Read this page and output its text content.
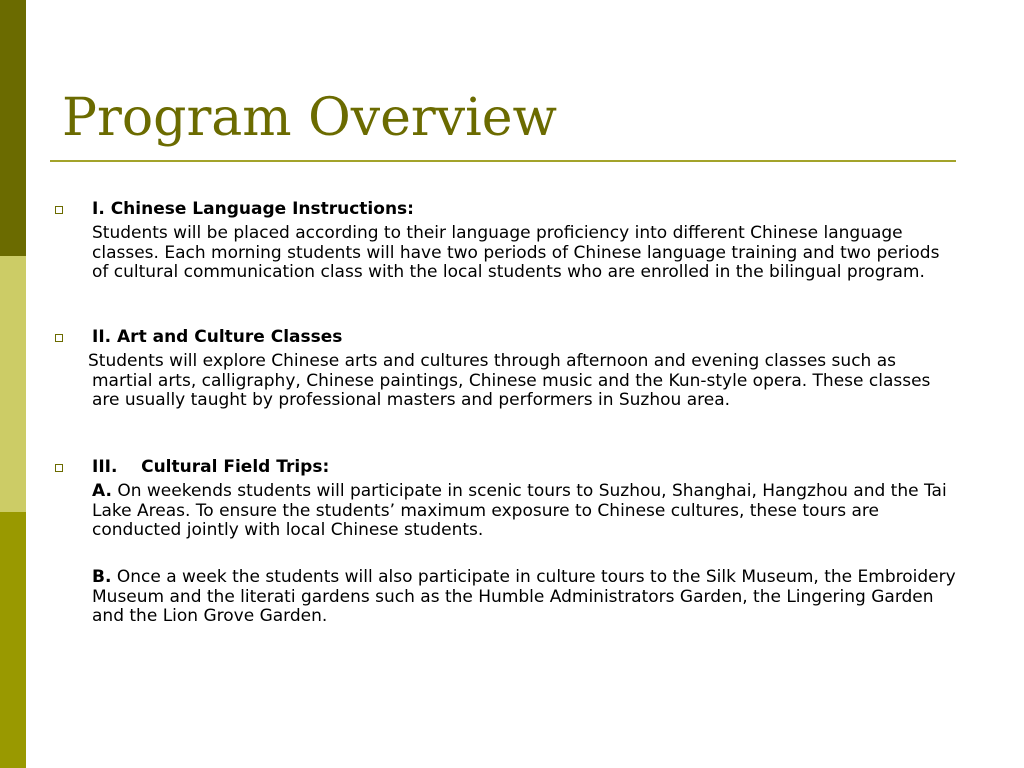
Program Overview
I. Chinese Language Instructions:

Students will be placed according to their language proficiency into different Chinese language classes. Each morning students will have two periods of Chinese language training and two periods of cultural communication class with the local students who are enrolled in the bilingual program.

II. Art and Culture Classes

Students will explore Chinese arts and cultures through afternoon and evening classes such as martial arts, calligraphy, Chinese paintings, Chinese music and the Kun-style opera. These classes are usually taught by professional masters and performers in Suzhou area.

III.    Cultural Field Trips:

A. On weekends students will participate in scenic tours to Suzhou, Shanghai, Hangzhou and the Tai Lake Areas. To ensure the students’ maximum exposure to Chinese cultures, these tours are conducted jointly with local Chinese students.

B. Once a week the students will also participate in culture tours to the Silk Museum, the Embroidery Museum and the literati gardens such as the Humble Administrators Garden, the Lingering Garden and the Lion Grove Garden.
